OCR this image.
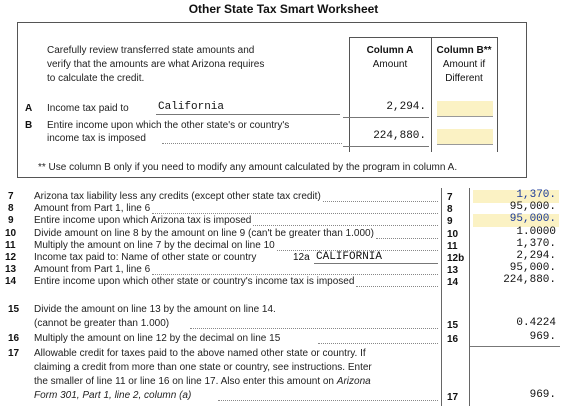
Other State Tax Smart Worksheet
Carefully review transferred state amounts and
verify that the amounts are what Arizona requires
to calculate the credit.
Column A
Amount
Column B**
Amount if
Different
A Income tax paid to	California	2,294.
B Entire income upon which the other state's or country's
income tax is imposed	224,880.
** Use column B only if you need to modify any amount calculated by the program in column A.
7 Arizona tax liability less any credits (except other state tax credit)	7	1,370.
8 Amount from Part 1, line 6	8	95,000.
9 Entire income upon which Arizona tax is imposed	9	95,000.
10 Divide amount on line 8 by the amount on line 9 (can't be greater than 1.000)	10	1.0000
11 Multiply the amount on line 7 by the decimal on line 10	11	1,370.
12 Income tax paid to: Name of other state or country	12a CALIFORNIA	12b	2,294.
13 Amount from Part 1, line 6	13	95,000.
14 Entire income upon which other state or country's income tax is imposed	14	224,880.
15 Divide the amount on line 13 by the amount on line 14.
(cannot be greater than 1.000)	15	0.4224
16 Multiply the amount on line 12 by the decimal on line 15	16	969.
17 Allowable credit for taxes paid to the above named other state or country. If
claiming a credit from more than one state or country, see instructions. Enter
the smaller of line 11 or line 16 on line 17. Also enter this amount on Arizona
Form 301, Part 1, line 2, column (a)	17	969.
